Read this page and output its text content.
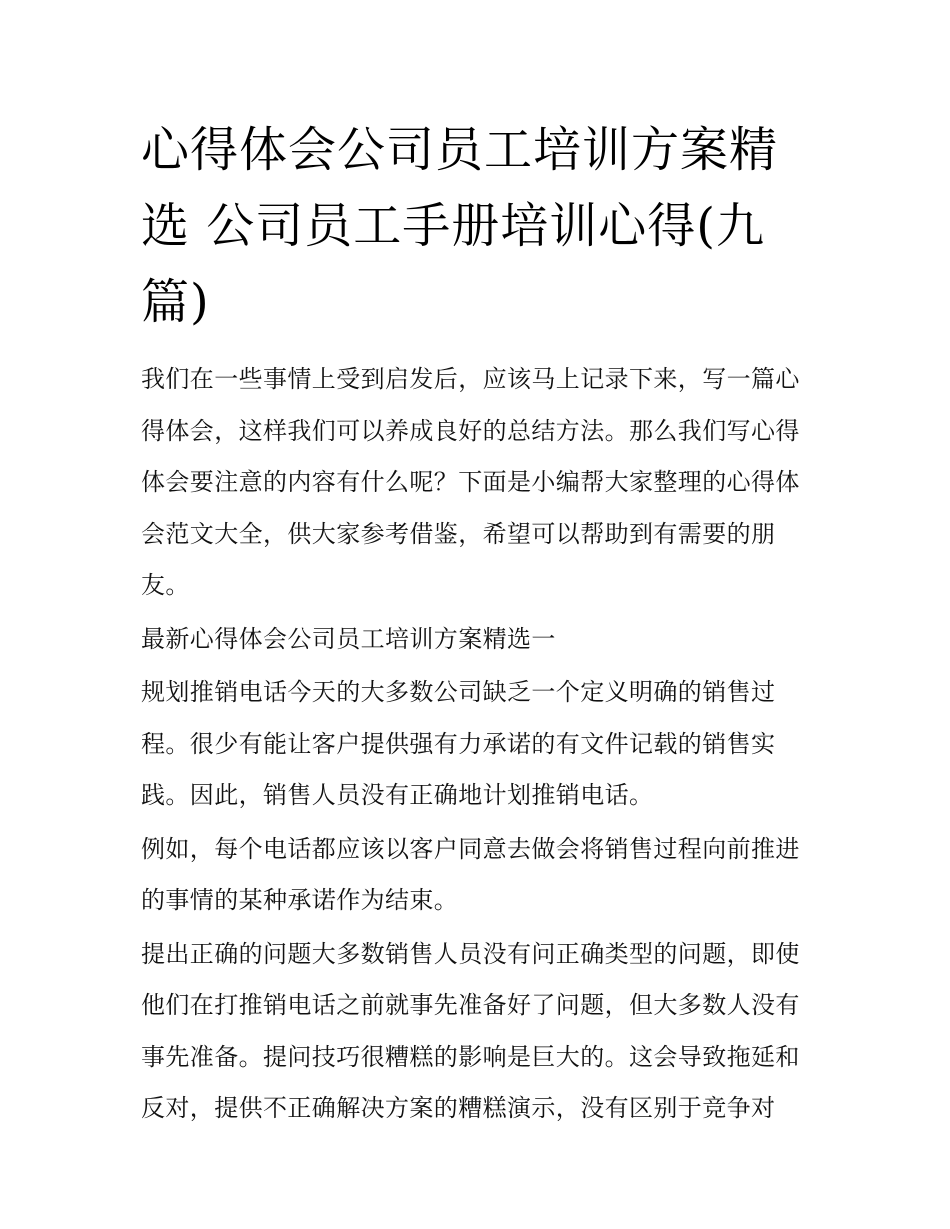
心得体会公司员工培训方案精选 公司员工手册培训心得(九篇)

我们在一些事情上受到启发后，应该马上记录下来，写一篇心得体会，这样我们可以养成良好的总结方法。那么我们写心得体会要注意的内容有什么呢？下面是小编帮大家整理的心得体会范文大全，供大家参考借鉴，希望可以帮助到有需要的朋友。

最新心得体会公司员工培训方案精选一

规划推销电话今天的大多数公司缺乏一个定义明确的销售过程。很少有能让客户提供强有力承诺的有文件记载的销售实践。因此，销售人员没有正确地计划推销电话。

例如，每个电话都应该以客户同意去做会将销售过程向前推进的事情的某种承诺作为结束。

提出正确的问题大多数销售人员没有问正确类型的问题，即使他们在打推销电话之前就事先准备好了问题，但大多数人没有事先准备。提问技巧很糟糕的影响是巨大的。这会导致拖延和反对，提供不正确解决方案的糟糕演示，没有区别于竞争对
